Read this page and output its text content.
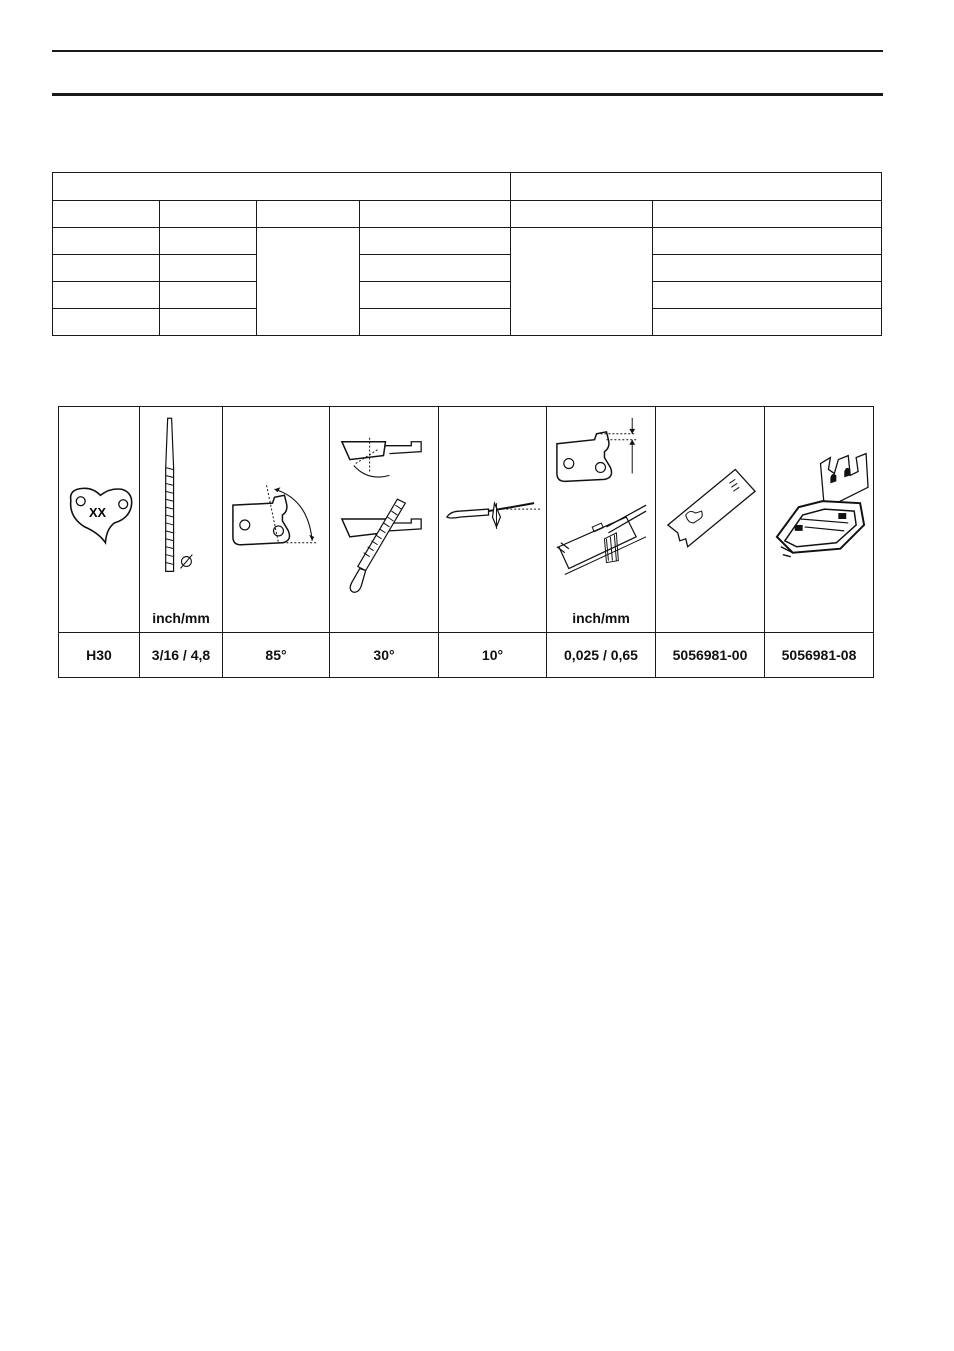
XX	inch/mm				inch/mm

H30	3/16 / 4,8	85°	30°	10°	0,025 / 0,65	5056981-00	5056981-08
